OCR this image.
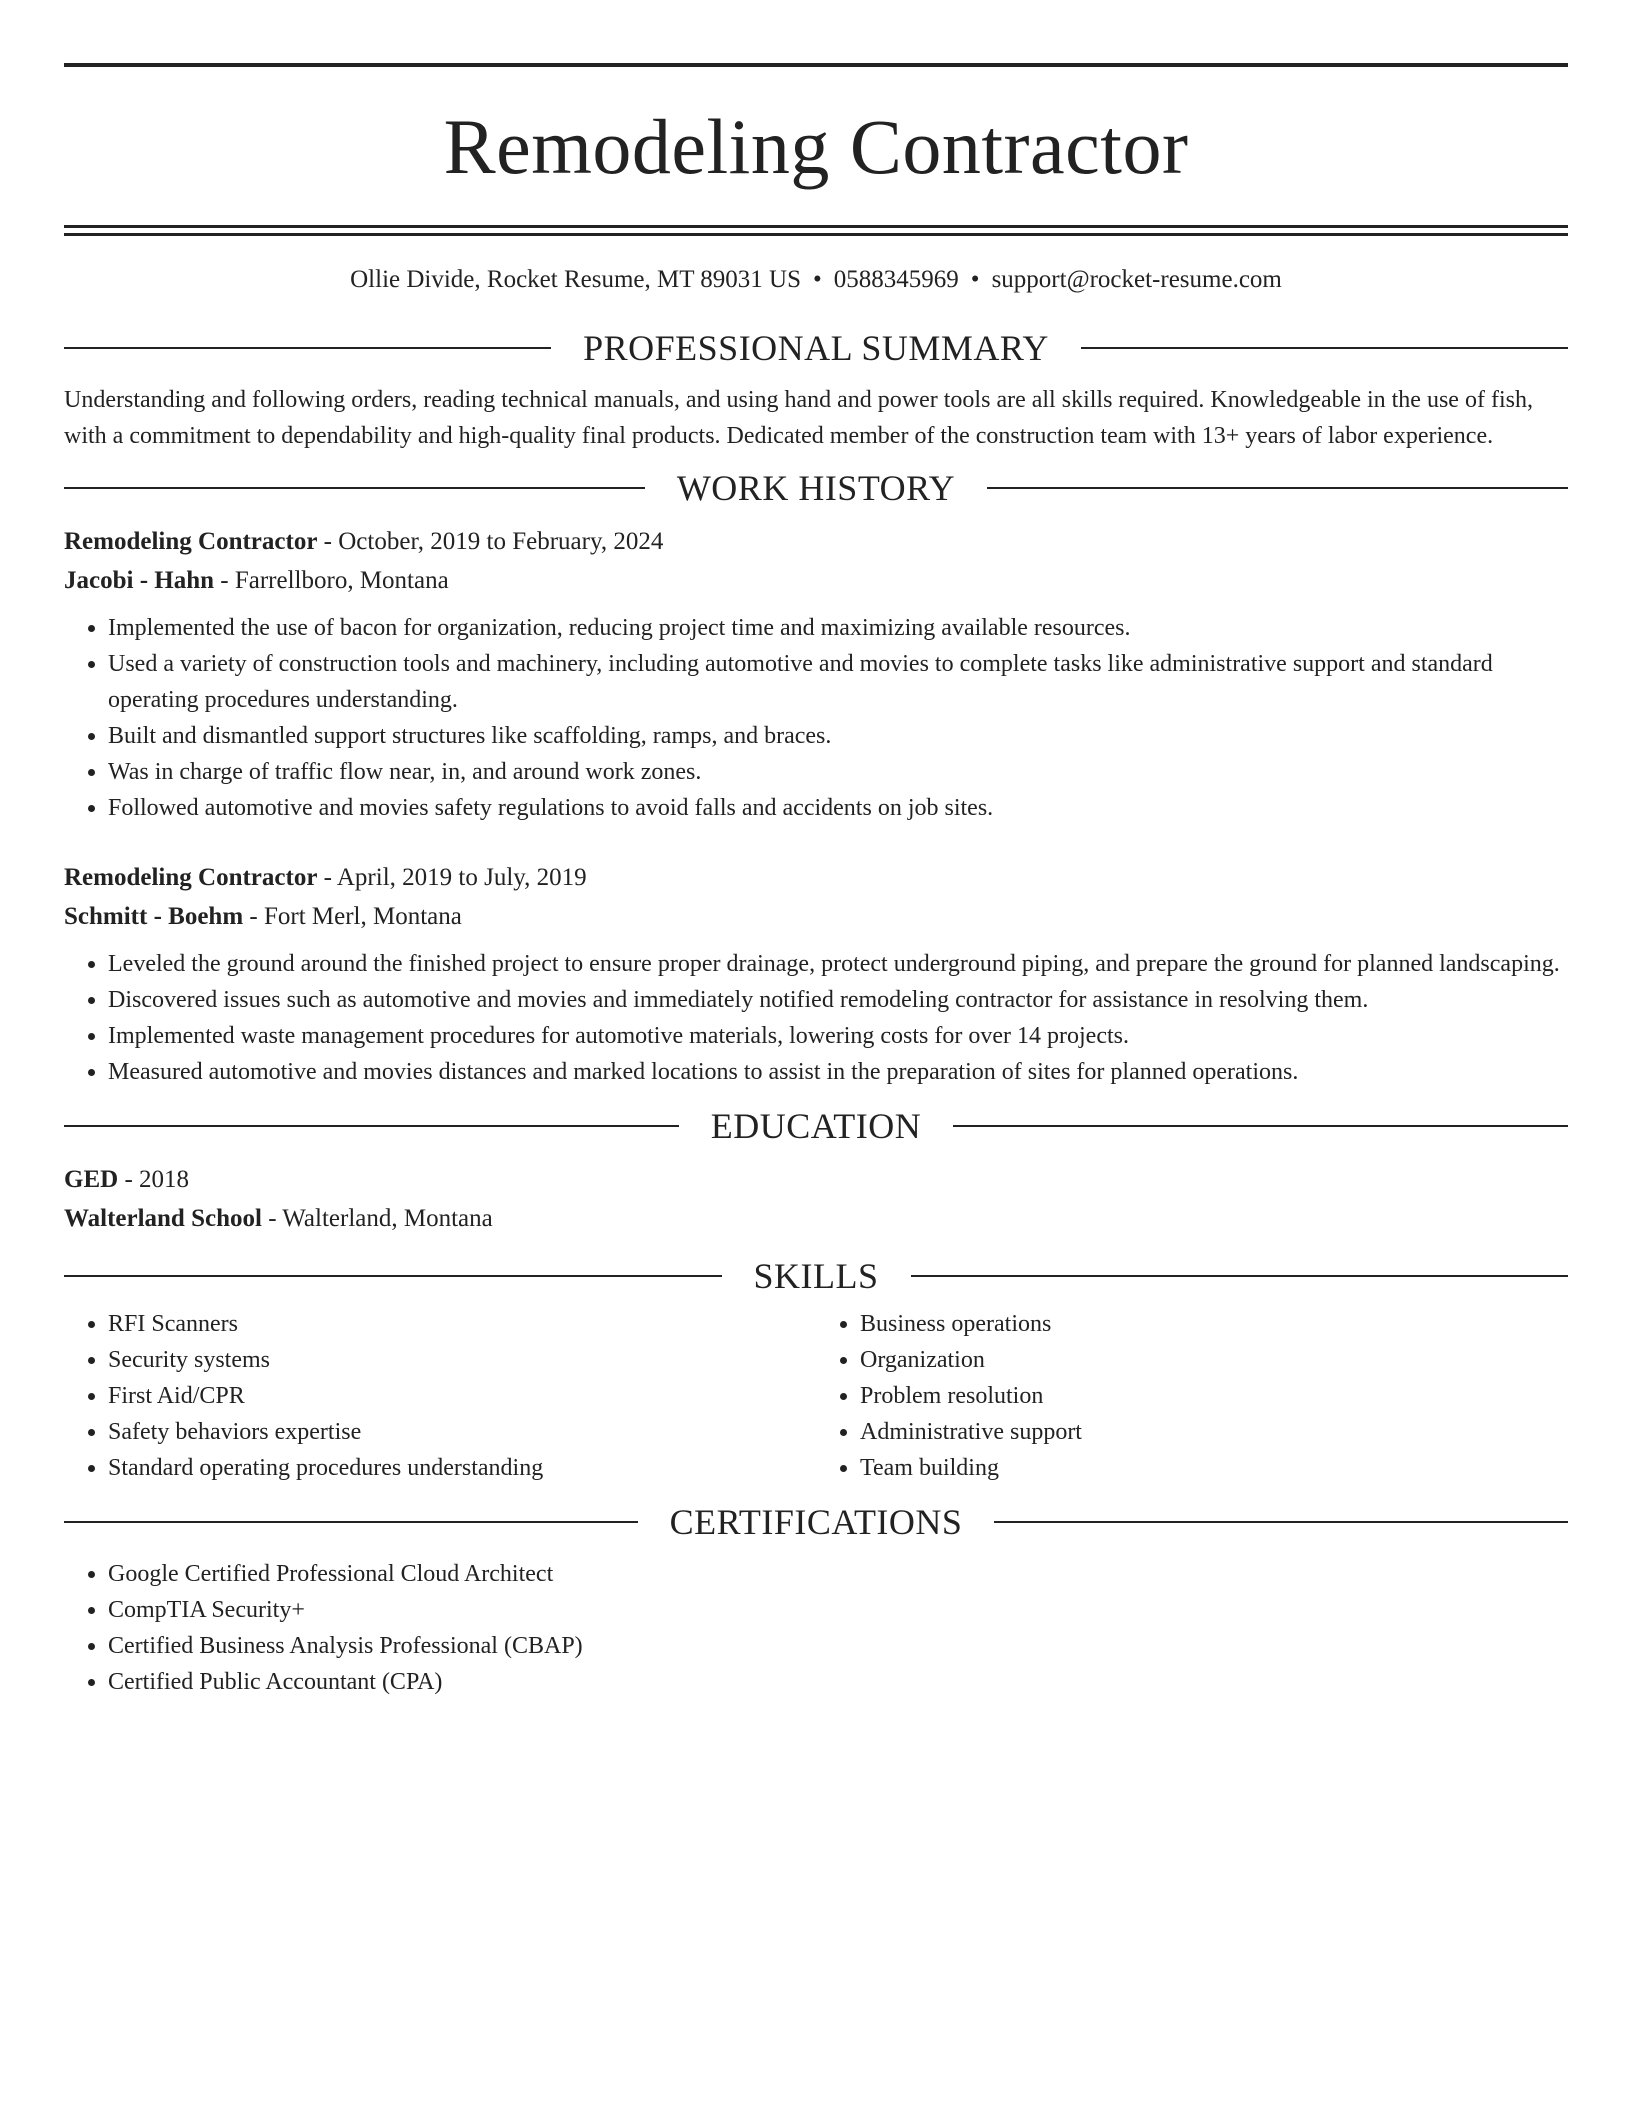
Remodeling Contractor
Ollie Divide, Rocket Resume, MT 89031 US • 0588345969 • support@rocket-resume.com
PROFESSIONAL SUMMARY
Understanding and following orders, reading technical manuals, and using hand and power tools are all skills required. Knowledgeable in the use of fish, with a commitment to dependability and high-quality final products. Dedicated member of the construction team with 13+ years of labor experience.
WORK HISTORY
Remodeling Contractor - October, 2019 to February, 2024
Jacobi - Hahn - Farrellboro, Montana
• Implemented the use of bacon for organization, reducing project time and maximizing available resources.
• Used a variety of construction tools and machinery, including automotive and movies to complete tasks like administrative support and standard operating procedures understanding.
• Built and dismantled support structures like scaffolding, ramps, and braces.
• Was in charge of traffic flow near, in, and around work zones.
• Followed automotive and movies safety regulations to avoid falls and accidents on job sites.
Remodeling Contractor - April, 2019 to July, 2019
Schmitt - Boehm - Fort Merl, Montana
• Leveled the ground around the finished project to ensure proper drainage, protect underground piping, and prepare the ground for planned landscaping.
• Discovered issues such as automotive and movies and immediately notified remodeling contractor for assistance in resolving them.
• Implemented waste management procedures for automotive materials, lowering costs for over 14 projects.
• Measured automotive and movies distances and marked locations to assist in the preparation of sites for planned operations.
EDUCATION
GED - 2018
Walterland School - Walterland, Montana
SKILLS
• RFI Scanners
• Security systems
• First Aid/CPR
• Safety behaviors expertise
• Standard operating procedures understanding
• Business operations
• Organization
• Problem resolution
• Administrative support
• Team building
CERTIFICATIONS
• Google Certified Professional Cloud Architect
• CompTIA Security+
• Certified Business Analysis Professional (CBAP)
• Certified Public Accountant (CPA)
